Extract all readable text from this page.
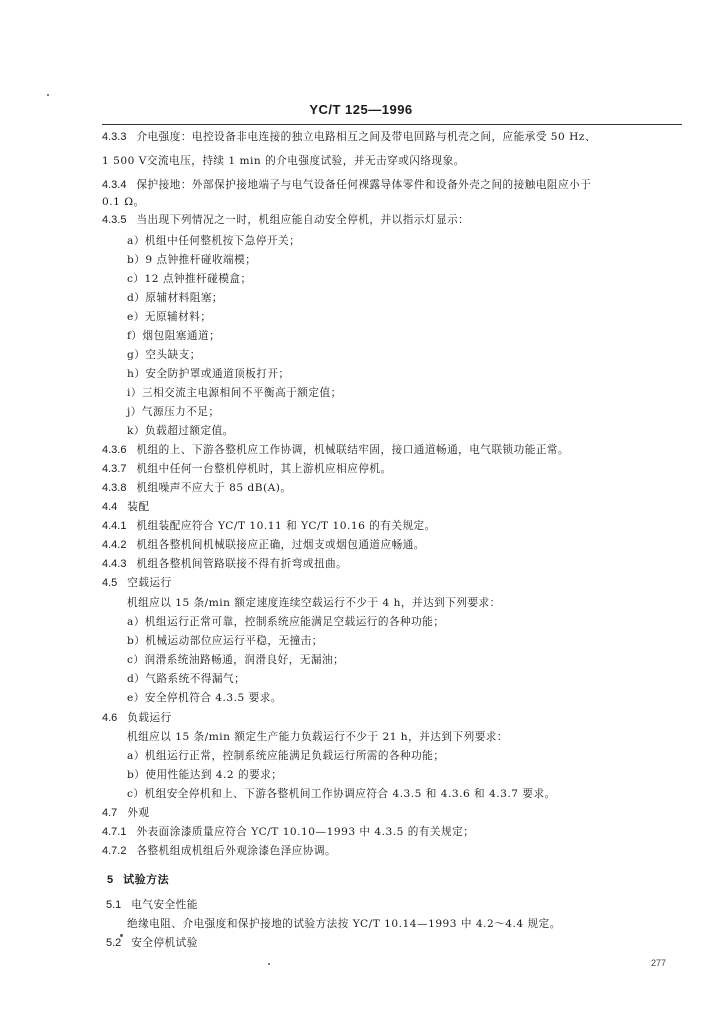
YC/T 125—1996
4.3.3 介电强度：电控设备非电连接的独立电路相互之间及带电回路与机壳之间，应能承受 50 Hz、
1 500 V交流电压，持续 1 min 的介电强度试验，并无击穿或闪络现象。
4.3.4 保护接地：外部保护接地端子与电气设备任何裸露导体零件和设备外壳之间的接触电阻应小于
0.1 Ω。
4.3.5 当出现下列情况之一时，机组应能自动安全停机，并以指示灯显示：
a）机组中任何整机按下急停开关；
b）9 点钟推杆碰收端模；
c）12 点钟推杆碰模盒；
d）原辅材料阻塞；
e）无原辅材料；
f）烟包阻塞通道；
g）空头缺支；
h）安全防护罩或通道顶板打开；
i）三相交流主电源相间不平衡高于额定值；
j）气源压力不足；
k）负载超过额定值。
4.3.6 机组的上、下游各整机应工作协调，机械联结牢固，接口通道畅通，电气联锁功能正常。
4.3.7 机组中任何一台整机停机时，其上游机应相应停机。
4.3.8 机组噪声不应大于 85 dB(A)。
4.4 装配
4.4.1 机组装配应符合 YC/T 10.11 和 YC/T 10.16 的有关规定。
4.4.2 机组各整机间机械联接应正确，过烟支或烟包通道应畅通。
4.4.3 机组各整机间管路联接不得有折弯或扭曲。
4.5 空载运行
机组应以 15 条/min 额定速度连续空载运行不少于 4 h，并达到下列要求：
a）机组运行正常可靠，控制系统应能满足空载运行的各种功能；
b）机械运动部位应运行平稳，无撞击；
c）润滑系统油路畅通，润滑良好，无漏油；
d）气路系统不得漏气；
e）安全停机符合 4.3.5 要求。
4.6 负载运行
机组应以 15 条/min 额定生产能力负载运行不少于 21 h，并达到下列要求：
a）机组运行正常，控制系统应能满足负载运行所需的各种功能；
b）使用性能达到 4.2 的要求；
c）机组安全停机和上、下游各整机间工作协调应符合 4.3.5 和 4.3.6 和 4.3.7 要求。
4.7 外观
4.7.1 外表面涂漆质量应符合 YC/T 10.10—1993 中 4.3.5 的有关规定；
4.7.2 各整机组成机组后外观涂漆色泽应协调。
5 试验方法
5.1 电气安全性能
绝缘电阻、介电强度和保护接地的试验方法按 YC/T 10.14—1993 中 4.2～4.4 规定。
5.2 安全停机试验
277
